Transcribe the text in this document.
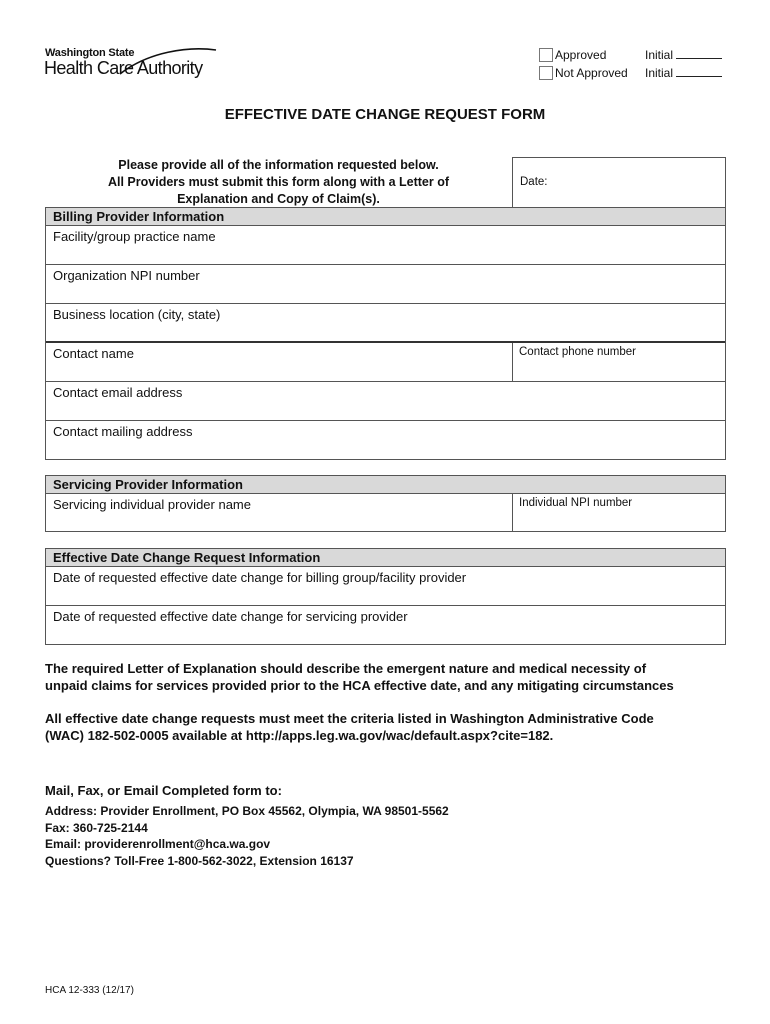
Washington State
Health Care Authority
Approved	Initial
Not Approved Initial
EFFECTIVE DATE CHANGE REQUEST FORM
Please provide all of the information requested below.
All Providers must submit this form along with a Letter of
Explanation and Copy of Claim(s).
Date:
Billing Provider Information
Facility/group practice name
Organization NPI number
Business location (city, state)
Contact name	Contact phone number
Contact email address
Contact mailing address
Servicing Provider Information
Servicing individual provider name	Individual NPI number
Effective Date Change Request Information
Date of requested effective date change for billing group/facility provider
Date of requested effective date change for servicing provider
The required Letter of Explanation should describe the emergent nature and medical necessity of
unpaid claims for services provided prior to the HCA effective date, and any mitigating circumstances
All effective date change requests must meet the criteria listed in Washington Administrative Code
(WAC) 182-502-0005 available at http://apps.leg.wa.gov/wac/default.aspx?cite=182.
Mail, Fax, or Email Completed form to:
Address: Provider Enrollment, PO Box 45562, Olympia, WA 98501-5562
Fax: 360-725-2144
Email: providerenrollment@hca.wa.gov
Questions? Toll-Free 1-800-562-3022, Extension 16137
HCA 12-333 (12/17)
